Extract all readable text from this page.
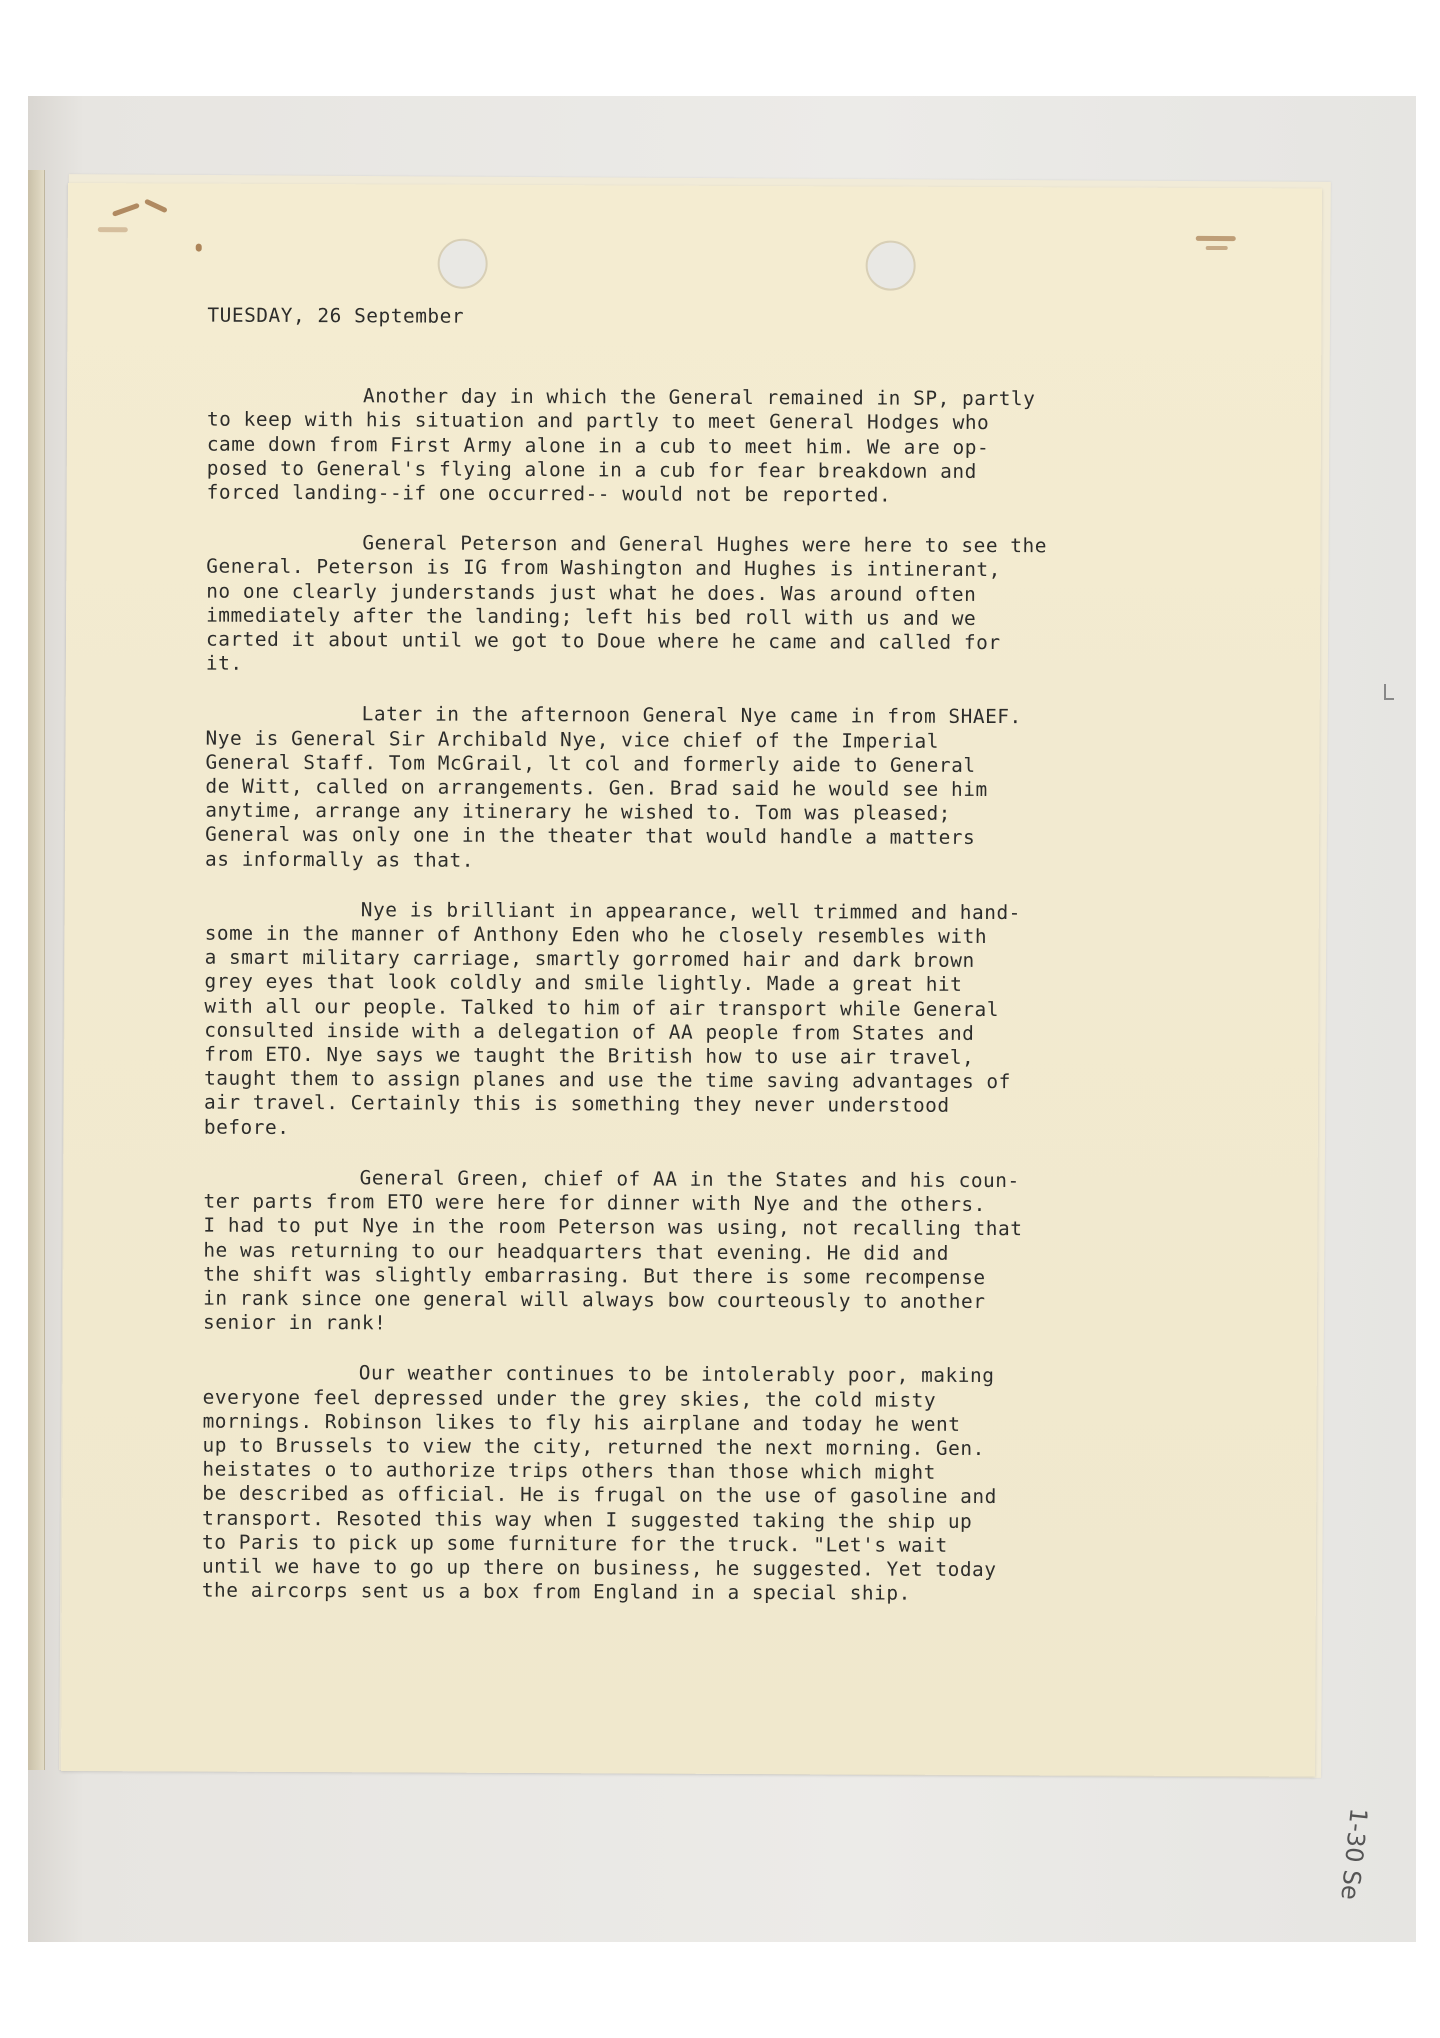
TUESDAY, 26 September

Another day in which the General remained in SP, partly
to keep with his situation and partly to meet General Hodges who
came down from First Army alone in a cub to meet him. We are op-
posed to General's flying alone in a cub for fear breakdown and
forced landing--if one occurred-- would not be reported.

General Peterson and General Hughes were here to see the
General. Peterson is IG from Washington and Hughes is intinerant,
no one clearly junderstands just what he does. Was around often
immediately after the landing; left his bed roll with us and we
carted it about until we got to Doue where he came and called for
it.

Later in the afternoon General Nye came in from SHAEF.
Nye is General Sir Archibald Nye, vice chief of the Imperial
General Staff. Tom McGrail, lt col and formerly aide to General
de Witt, called on arrangements. Gen. Brad said he would see him
anytime, arrange any itinerary he wished to. Tom was pleased;
General was only one in the theater that would handle a matters
as informally as that.

Nye is brilliant in appearance, well trimmed and hand-
some in the manner of Anthony Eden who he closely resembles with
a smart military carriage, smartly gorromed hair and dark brown
grey eyes that look coldly and smile lightly. Made a great hit
with all our people. Talked to him of air transport while General
consulted inside with a delegation of AA people from States and
from ETO. Nye says we taught the British how to use air travel,
taught them to assign planes and use the time saving advantages of
air travel. Certainly this is something they never understood
before.

General Green, chief of AA in the States and his coun-
ter parts from ETO were here for dinner with Nye and the others.
I had to put Nye in the room Peterson was using, not recalling that
he was returning to our headquarters that evening. He did and
the shift was slightly embarrasing. But there is some recompense
in rank since one general will always bow courteously to another
senior in rank!

Our weather continues to be intolerably poor, making
everyone feel depressed under the grey skies, the cold misty
mornings. Robinson likes to fly his airplane and today he went
up to Brussels to view the city, returned the next morning. Gen.
heistates o to authorize trips others than those which might
be described as official. He is frugal on the use of gasoline and
transport. Resoted this way when I suggested taking the ship up
to Paris to pick up some furniture for the truck. "Let's wait
until we have to go up there on business, he suggested. Yet today
the aircorps sent us a box from England in a special ship.

1-30 Se
